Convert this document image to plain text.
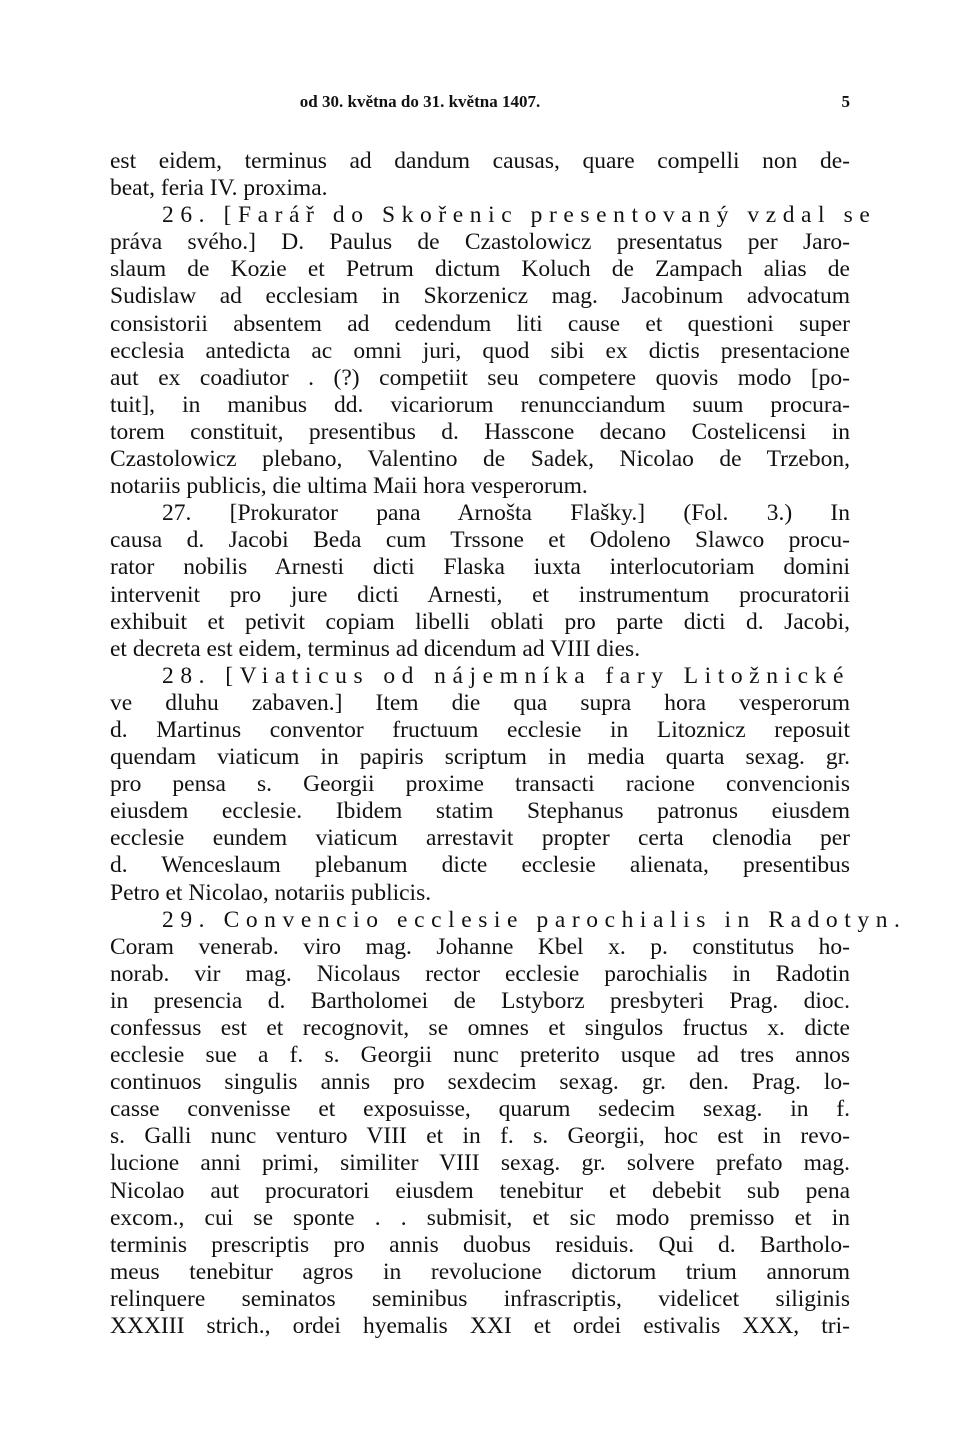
od 30. května do 31. května 1407.	5
est eidem, terminus ad dandum causas, quare compelli non de-
beat, feria IV. proxima.
26. [Farář do Skořenic presentovaný vzdal se
práva svého.] D. Paulus de Czastolowicz presentatus per Jaro-
slaum de Kozie et Petrum dictum Koluch de Zampach alias de
Sudislaw ad ecclesiam in Skorzenicz mag. Jacobinum advocatum
consistorii absentem ad cedendum liti cause et questioni super
ecclesia antedicta ac omni juri, quod sibi ex dictis presentacione
aut ex coadiutor . (?) competiit seu competere quovis modo [po-
tuit], in manibus dd. vicariorum renuncciandum suum procura-
torem constituit, presentibus d. Hasscone decano Costelicensi in
Czastolowicz plebano, Valentino de Sadek, Nicolao de Trzebon,
notariis publicis, die ultima Maii hora vesperorum.
27. [Prokurator pana Arnošta Flašky.] (Fol. 3.) In
causa d. Jacobi Beda cum Trssone et Odoleno Slawco procu-
rator nobilis Arnesti dicti Flaska iuxta interlocutoriam domini
intervenit pro jure dicti Arnesti, et instrumentum procuratorii
exhibuit et petivit copiam libelli oblati pro parte dicti d. Jacobi,
et decreta est eidem, terminus ad dicendum ad VIII dies.
28. [Viaticus od nájemníka fary Litožnické
ve dluhu zabaven.] Item die qua supra hora vesperorum
d. Martinus conventor fructuum ecclesie in Litoznicz reposuit
quendam viaticum in papiris scriptum in media quarta sexag. gr.
pro pensa s. Georgii proxime transacti racione convencionis
eiusdem ecclesie. Ibidem statim Stephanus patronus eiusdem
ecclesie eundem viaticum arrestavit propter certa clenodia per
d. Wenceslaum plebanum dicte ecclesie alienata, presentibus
Petro et Nicolao, notariis publicis.
29. Convencio ecclesie parochialis in Radotyn.
Coram venerab. viro mag. Johanne Kbel x. p. constitutus ho-
norab. vir mag. Nicolaus rector ecclesie parochialis in Radotin
in presencia d. Bartholomei de Lstyborz presbyteri Prag. dioc.
confessus est et recognovit, se omnes et singulos fructus x. dicte
ecclesie sue a f. s. Georgii nunc preterito usque ad tres annos
continuos singulis annis pro sexdecim sexag. gr. den. Prag. lo-
casse convenisse et exposuisse, quarum sedecim sexag. in f.
s. Galli nunc venturo VIII et in f. s. Georgii, hoc est in revo-
lucione anni primi, similiter VIII sexag. gr. solvere prefato mag.
Nicolao aut procuratori eiusdem tenebitur et debebit sub pena
excom., cui se sponte . . submisit, et sic modo premisso et in
terminis prescriptis pro annis duobus residuis. Qui d. Bartholo-
meus tenebitur agros in revolucione dictorum trium annorum
relinquere seminatos seminibus infrascriptis, videlicet siliginis
XXXIII strich., ordei hyemalis XXI et ordei estivalis XXX, tri-
